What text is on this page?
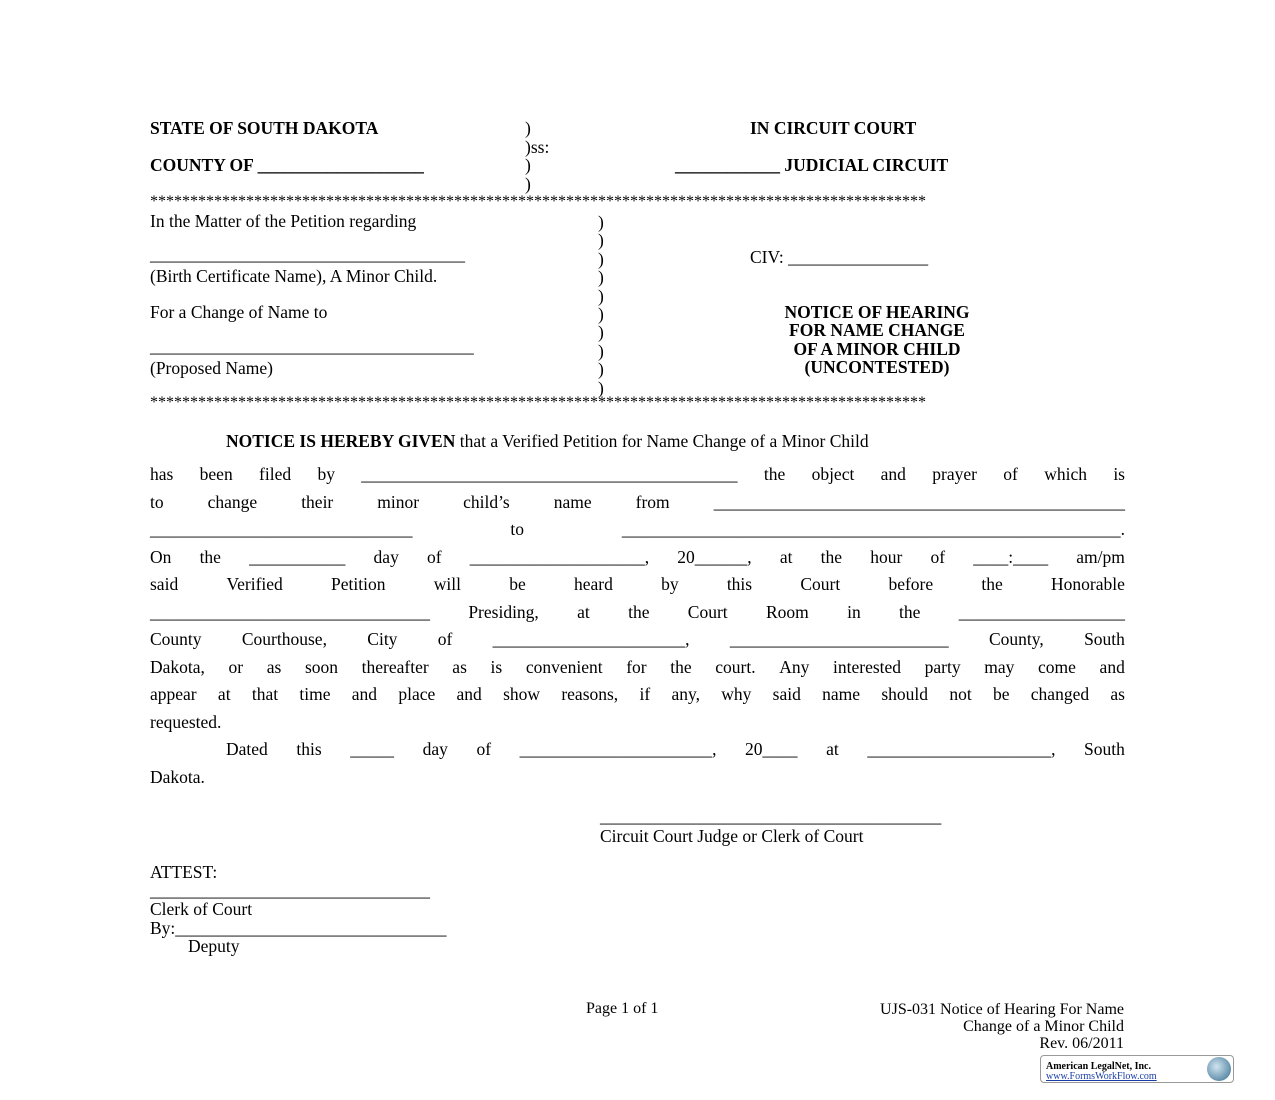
STATE OF SOUTH DAKOTA	)
)ss:
COUNTY OF ___________________	)
)
IN CIRCUIT COURT
____________ JUDICIAL CIRCUIT
*************************************************************************************************
In the Matter of the Petition regarding
____________________________________
(Birth Certificate Name), A Minor Child.
For a Change of Name to
_____________________________________
(Proposed Name)
)
)
)
)
)
)
)
)
)
)
CIV: ________________
NOTICE OF HEARING
FOR NAME CHANGE
OF A MINOR CHILD
(UNCONTESTED)
*************************************************************************************************
NOTICE IS HEREBY GIVEN that a Verified Petition for Name Change of a Minor Child
has been filed by ___________________________________________ the object and prayer of which is
to	change	their	minor	child’s	name	from	_______________________________________________
______________________________	to	_________________________________________________________.
On the ___________ day of ____________________, 20______, at the hour of ____:____ am/pm
said	Verified	Petition	will	be	heard	by	this	Court	before	the	Honorable
________________________________ Presiding, at the Court Room in the ___________________
County Courthouse, City of ______________________, _________________________ County, South
Dakota, or as soon thereafter as is convenient for the court. Any interested party may come and
appear at that time and place and show reasons, if any, why said name should not be changed as
requested.
Dated this _____ day of ______________________, 20____ at _____________________, South
Dakota.
_______________________________________
Circuit Court Judge or Clerk of Court
ATTEST:
________________________________
Clerk of Court
By:_______________________________
Deputy
Page 1 of 1	UJS-031 Notice of Hearing For Name
Change of a Minor Child
Rev. 06/2011
American LegalNet, Inc.
www.FormsWorkFlow.com
